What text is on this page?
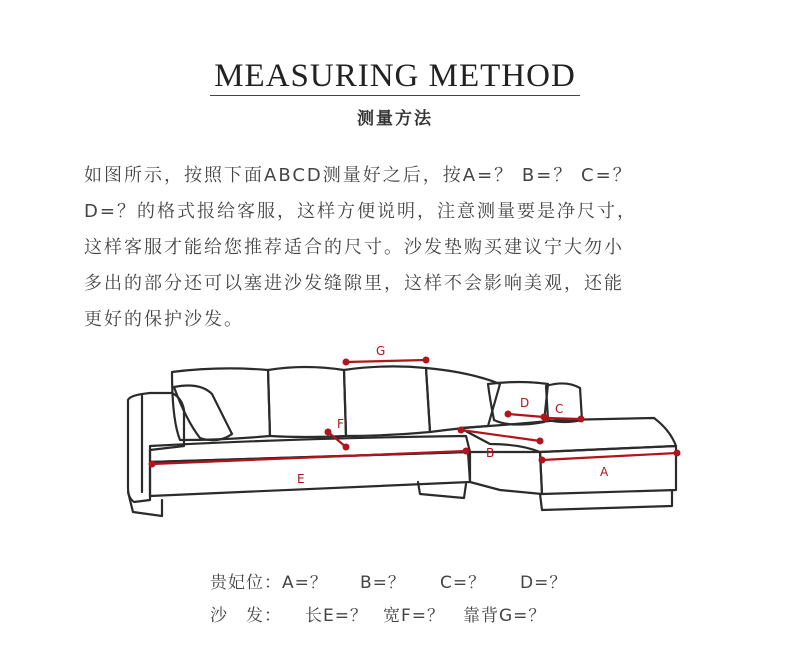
MEASURING METHOD
测量方法
如图所示，按照下面ABCD测量好之后，按A=？ B=？ C=？
D=？的格式报给客服，这样方便说明，注意测量要是净尺寸，
这样客服才能给您推荐适合的尺寸。沙发垫购买建议宁大勿小
多出的部分还可以塞进沙发缝隙里，这样不会影响美观，还能
更好的保护沙发。
G
F
E
B
D C
A
贵妃位：A=？ B=？ C=？ D=？
沙　发： 长E=？ 宽F=？ 靠背G=？
